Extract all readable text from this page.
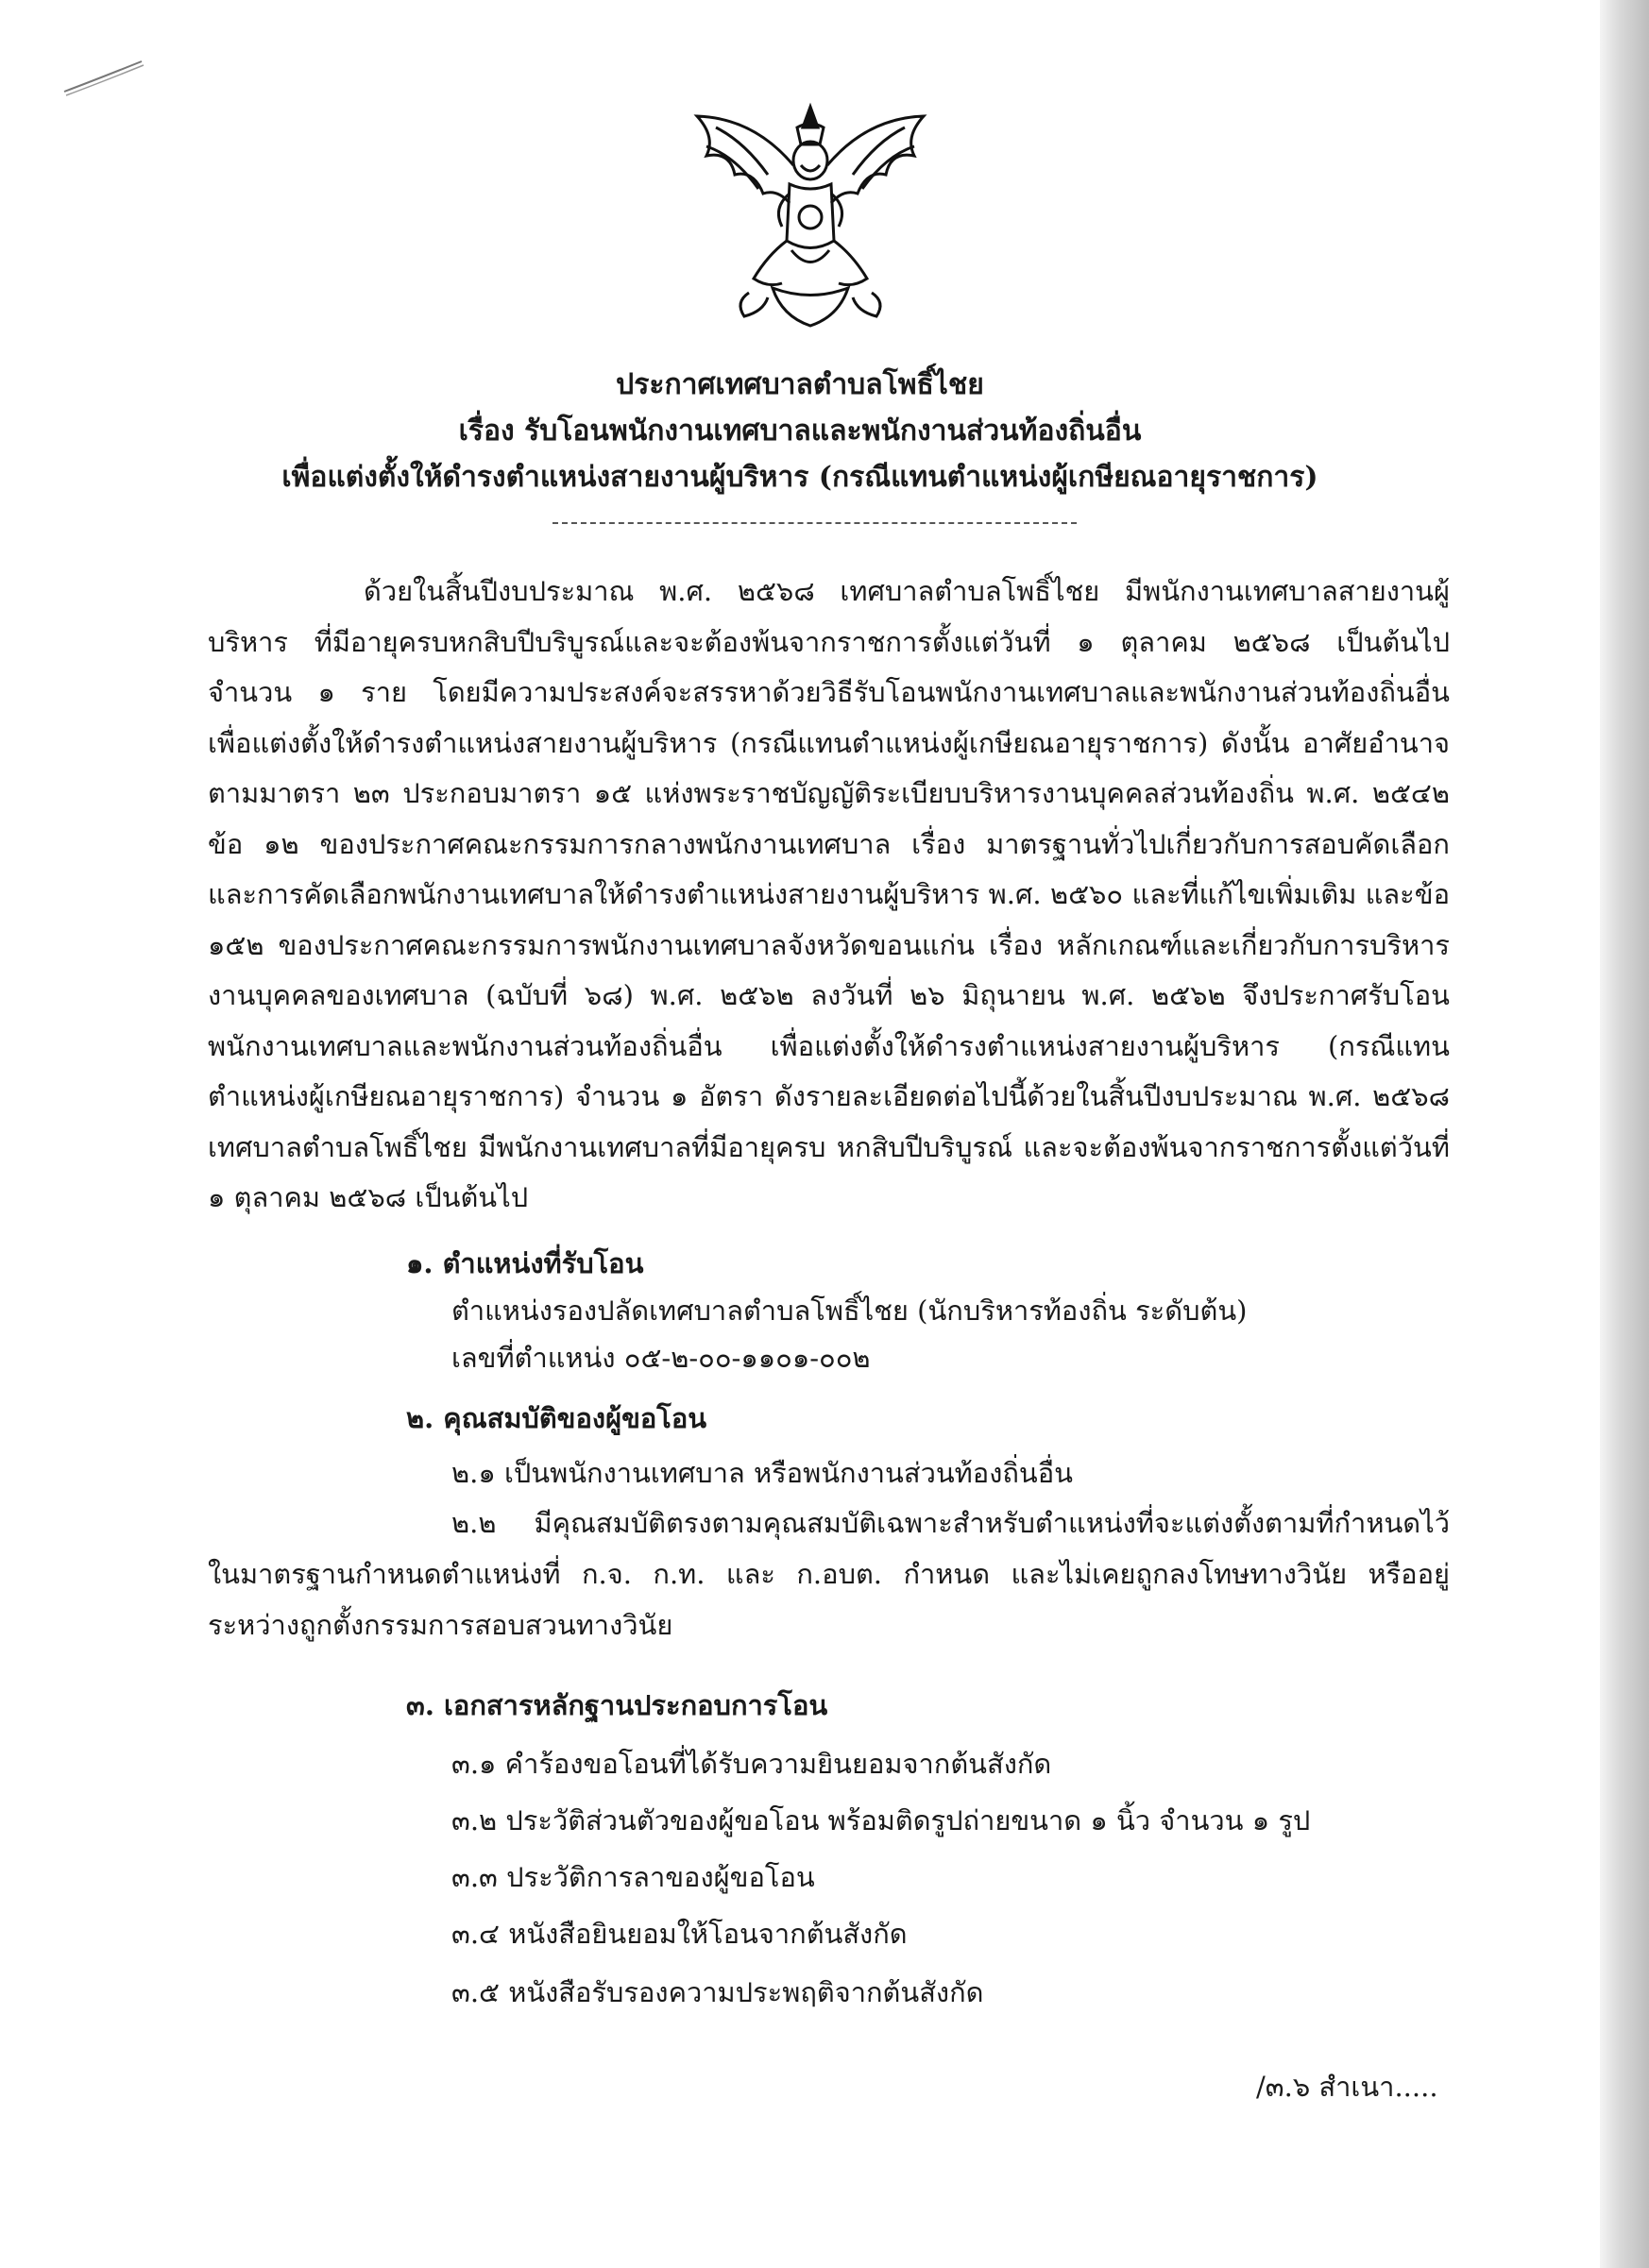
ประกาศเทศบาลตำบลโพธิ์ไชย
เรื่อง รับโอนพนักงานเทศบาลและพนักงานส่วนท้องถิ่นอื่น
เพื่อแต่งตั้งให้ดำรงตำแหน่งสายงานผู้บริหาร (กรณีแทนตำแหน่งผู้เกษียณอายุราชการ)

ด้วยในสิ้นปีงบประมาณ พ.ศ. ๒๕๖๘ เทศบาลตำบลโพธิ์ไชย มีพนักงานเทศบาลสายงานผู้บริหาร ที่มีอายุครบหกสิบปีบริบูรณ์และจะต้องพ้นจากราชการตั้งแต่วันที่ ๑ ตุลาคม ๒๕๖๘ เป็นต้นไป จำนวน ๑ ราย โดยมีความประสงค์จะสรรหาด้วยวิธีรับโอนพนักงานเทศบาลและพนักงานส่วนท้องถิ่นอื่น เพื่อแต่งตั้งให้ดำรงตำแหน่งสายงานผู้บริหาร (กรณีแทนตำแหน่งผู้เกษียณอายุราชการ) ดังนั้น อาศัยอำนาจตามมาตรา ๒๓ ประกอบมาตรา ๑๕ แห่งพระราชบัญญัติระเบียบบริหารงานบุคคลส่วนท้องถิ่น พ.ศ. ๒๕๔๒ ข้อ ๑๒ ของประกาศคณะกรรมการกลางพนักงานเทศบาล เรื่อง มาตรฐานทั่วไปเกี่ยวกับการสอบคัดเลือกและการคัดเลือกพนักงานเทศบาลให้ดำรงตำแหน่งสายงานผู้บริหาร พ.ศ. ๒๕๖๐ และที่แก้ไขเพิ่มเติม และข้อ ๑๕๒ ของประกาศคณะกรรมการพนักงานเทศบาลจังหวัดขอนแก่น เรื่อง หลักเกณฑ์และเกี่ยวกับการบริหารงานบุคคลของเทศบาล (ฉบับที่ ๖๘) พ.ศ. ๒๕๖๒ ลงวันที่ ๒๖ มิถุนายน พ.ศ. ๒๕๖๒ จึงประกาศรับโอนพนักงานเทศบาลและพนักงานส่วนท้องถิ่นอื่น เพื่อแต่งตั้งให้ดำรงตำแหน่งสายงานผู้บริหาร (กรณีแทนตำแหน่งผู้เกษียณอายุราชการ) จำนวน ๑ อัตรา ดังรายละเอียดต่อไปนี้ด้วยในสิ้นปีงบประมาณ พ.ศ. ๒๕๖๘ เทศบาลตำบลโพธิ์ไชย มีพนักงานเทศบาลที่มีอายุครบ หกสิบปีบริบูรณ์ และจะต้องพ้นจากราชการตั้งแต่วันที่ ๑ ตุลาคม ๒๕๖๘ เป็นต้นไป

๑. ตำแหน่งที่รับโอน
ตำแหน่งรองปลัดเทศบาลตำบลโพธิ์ไชย (นักบริหารท้องถิ่น ระดับต้น)
เลขที่ตำแหน่ง ๐๕-๒-๐๐-๑๑๐๑-๐๐๒
๒. คุณสมบัติของผู้ขอโอน
๒.๑ เป็นพนักงานเทศบาล หรือพนักงานส่วนท้องถิ่นอื่น

๒.๒ มีคุณสมบัติตรงตามคุณสมบัติเฉพาะสำหรับตำแหน่งที่จะแต่งตั้งตามที่กำหนดไว้ในมาตรฐานกำหนดตำแหน่งที่ ก.จ. ก.ท. และ ก.อบต. กำหนด และไม่เคยถูกลงโทษทางวินัย หรืออยู่ระหว่างถูกตั้งกรรมการสอบสวนทางวินัย

๓. เอกสารหลักฐานประกอบการโอน
๓.๑ คำร้องขอโอนที่ได้รับความยินยอมจากต้นสังกัด
๓.๒ ประวัติส่วนตัวของผู้ขอโอน พร้อมติดรูปถ่ายขนาด ๑ นิ้ว จำนวน ๑ รูป
๓.๓ ประวัติการลาของผู้ขอโอน
๓.๔ หนังสือยินยอมให้โอนจากต้นสังกัด
๓.๕ หนังสือรับรองความประพฤติจากต้นสังกัด
/๓.๖ สำเนา.....
